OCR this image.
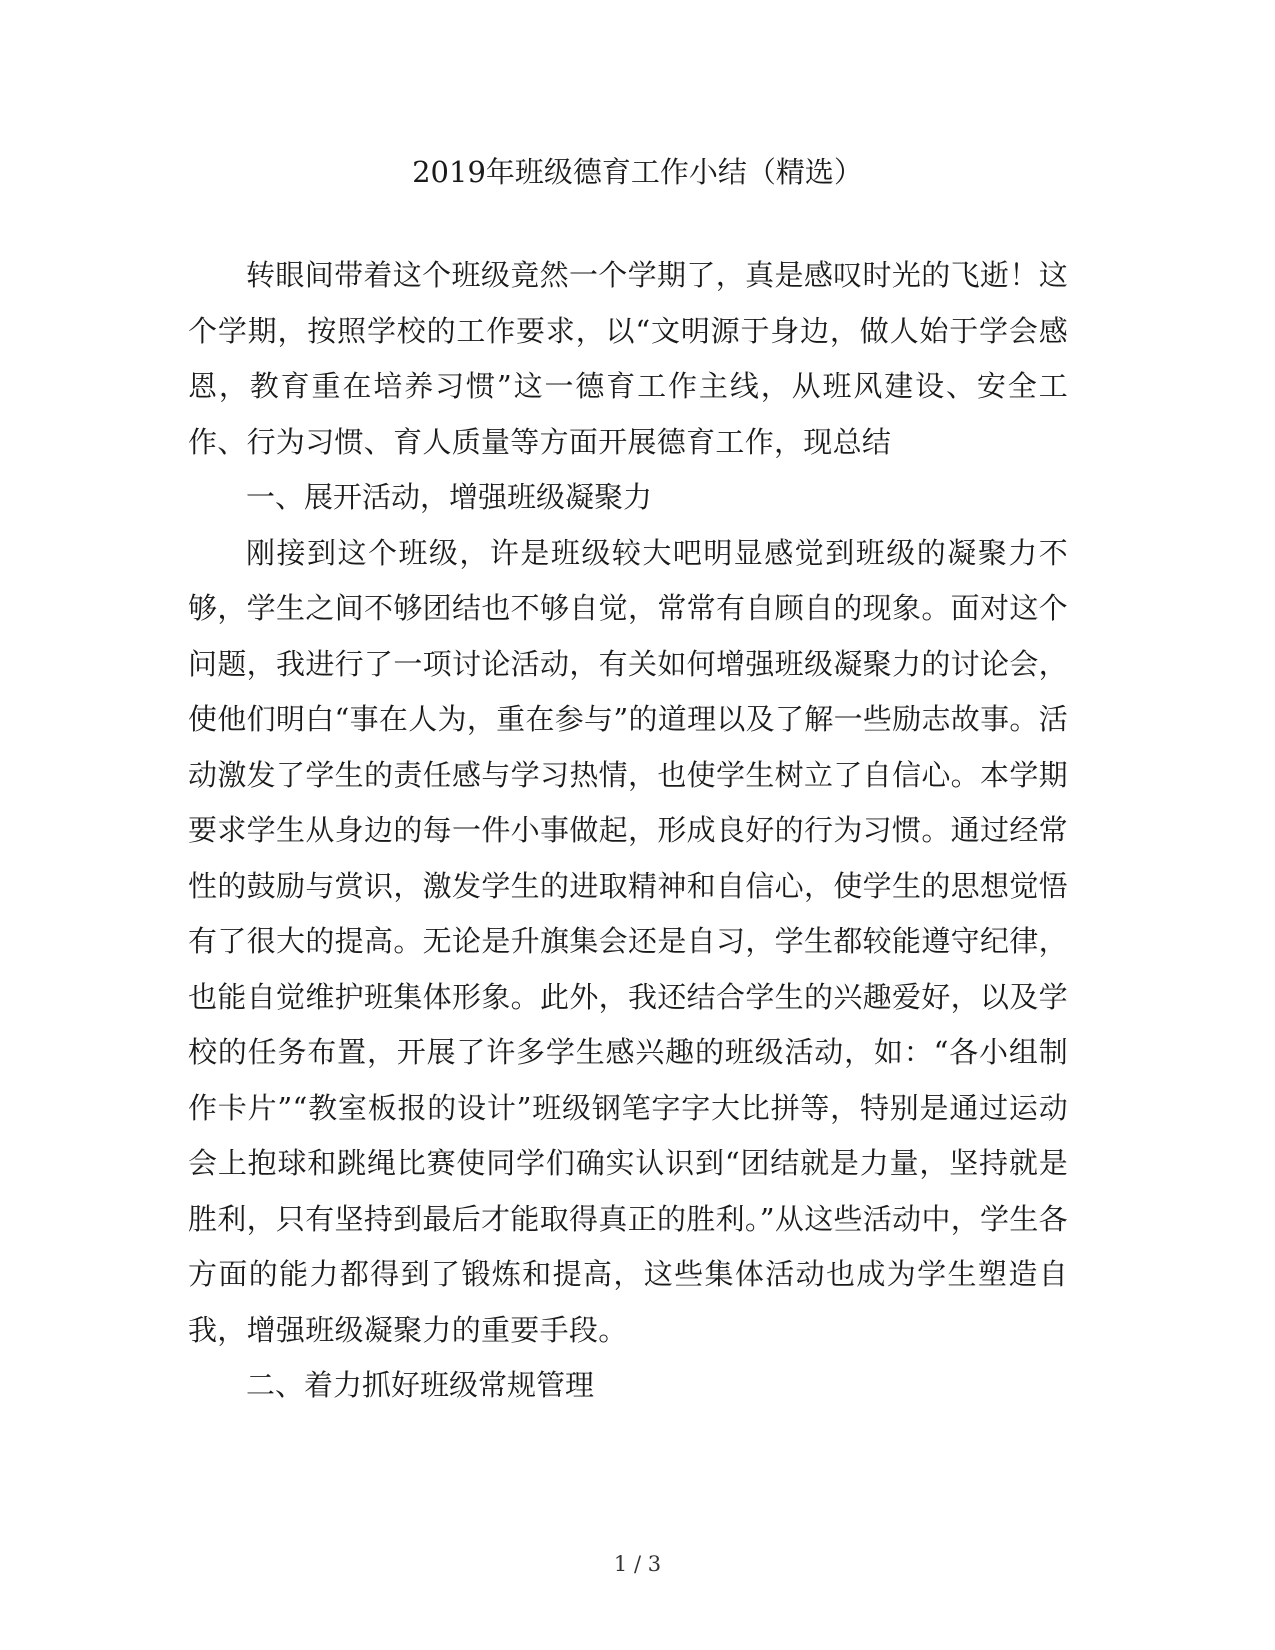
2019年班级德育工作小结（精选）

转眼间带着这个班级竟然一个学期了，真是感叹时光的飞逝！这个学期，按照学校的工作要求，以“文明源于身边，做人始于学会感恩，教育重在培养习惯”这一德育工作主线，从班风建设、安全工作、行为习惯、育人质量等方面开展德育工作，现总结

一、展开活动，增强班级凝聚力

刚接到这个班级，许是班级较大吧明显感觉到班级的凝聚力不够，学生之间不够团结也不够自觉，常常有自顾自的现象。面对这个问题，我进行了一项讨论活动，有关如何增强班级凝聚力的讨论会，使他们明白“事在人为，重在参与”的道理以及了解一些励志故事。活动激发了学生的责任感与学习热情，也使学生树立了自信心。本学期要求学生从身边的每一件小事做起，形成良好的行为习惯。通过经常性的鼓励与赏识，激发学生的进取精神和自信心，使学生的思想觉悟有了很大的提高。无论是升旗集会还是自习，学生都较能遵守纪律，也能自觉维护班集体形象。此外，我还结合学生的兴趣爱好，以及学校的任务布置，开展了许多学生感兴趣的班级活动，如：“各小组制作卡片”“教室板报的设计”班级钢笔字字大比拼等，特别是通过运动会上抱球和跳绳比赛使同学们确实认识到“团结就是力量，坚持就是胜利，只有坚持到最后才能取得真正的胜利。”从这些活动中，学生各方面的能力都得到了锻炼和提高，这些集体活动也成为学生塑造自我，增强班级凝聚力的重要手段。

二、着力抓好班级常规管理

1 / 3
